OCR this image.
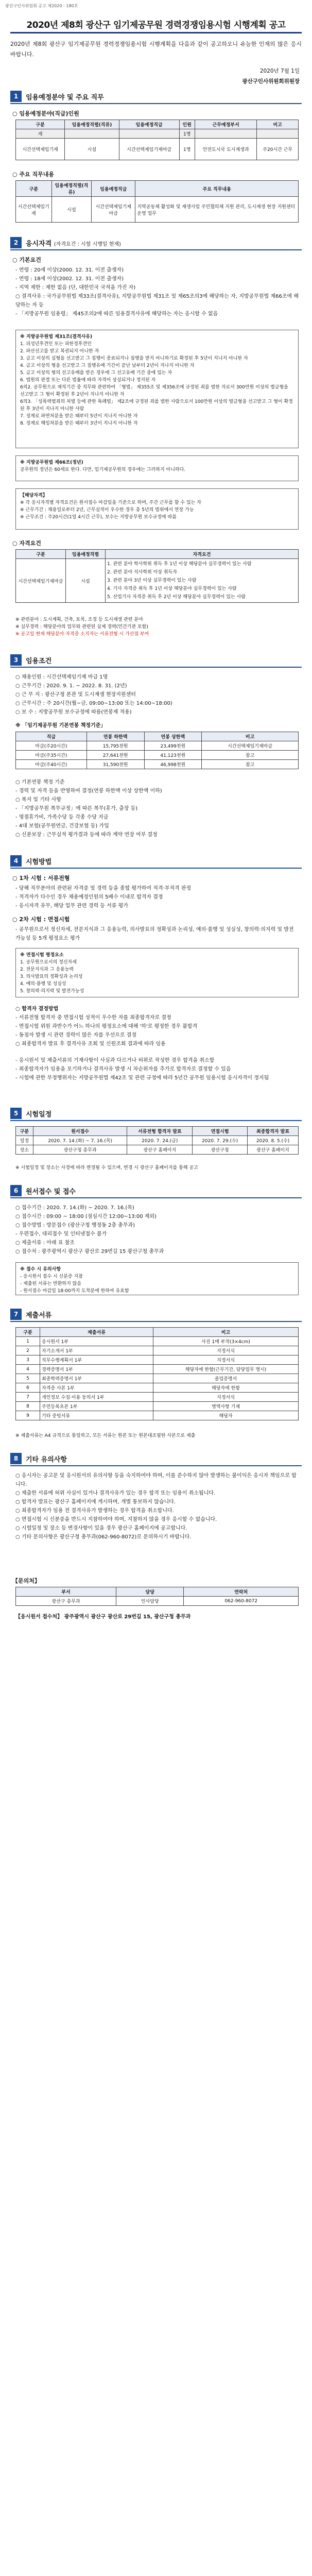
광산구인사위원회 공고 제2020 - 180호
2020년 제8회 광산구 임기제공무원 경력경쟁임용시험 시행계획 공고
2020년 제8회 광산구 임기제공무원 경력경쟁임용시험 시행계획을 다음과 같이 공고하오니 유능한 인재의 많은 응시 바랍니다.
2020년 7월 1일
광산구인사위원회위원장
1	임용예정분야 및 주요 직무
○ 임용예정분야(직급)인원
구분	임용예정직렬(직류)	임용예정직급	인원	근무예정부서	비고
계			1명		
시간선택제임기제	시설	시간선택제임기제마급	1명	안전도시국 도시재생과	주20시간 근무
○ 주요 직무내용
구분	임용예정직렬(직류)	임용예정직급	주요 직무내용
시간선택제임기제	시설	시간선택제임기제마급	지역공동체 활성화 및 재생사업 주민협의체 지원 관리, 도시재생 현장 지원센터 운영 업무
2	응시자격 (자격요건 : 시험 시행일 현재)
○ 기본요건
- 연령 : 20세 이상(2000. 12. 31. 이전 출생자)
- 연령 : 18세 이상(2002. 12. 31. 이전 출생자)
- 지역 제한 : 제한 없음 (단, 대한민국 국적을 가진 자)
○ 결격사유 : 국가공무원법 제33조(결격사유), 지방공무원법 제31조 및 제65조의3에 해당하는 자, 지방공무원법 제66조에 해당하는 자 등
- 「지방공무원 임용령」 제45조의2에 따른 임용결격사유에 해당하는 자는 응시할 수 없음
※ 지방공무원법 제31조(결격사유)
1. 피성년후견인 또는 피한정후견인
2. 파산선고를 받고 복권되지 아니한 자
3. 금고 이상의 실형을 선고받고 그 집행이 종료되거나 집행을 받지 아니하기로 확정된 후 5년이 지나지 아니한 자
4. 금고 이상의 형을 선고받고 그 집행유예 기간이 끝난 날부터 2년이 지나지 아니한 자
5. 금고 이상의 형의 선고유예를 받은 경우에 그 선고유예 기간 중에 있는 자
6. 법원의 판결 또는 다른 법률에 따라 자격이 상실되거나 정지된 자
6의2. 공무원으로 재직기간 중 직무와 관련하여 「형법」 제355조 및 제356조에 규정된 죄를 범한 자로서 300만원 이상의 벌금형을 선고받고 그 형이 확정된 후 2년이 지나지 아니한 자
6의3. 「성폭력범죄의 처벌 등에 관한 특례법」 제2조에 규정된 죄를 범한 사람으로서 100만원 이상의 벌금형을 선고받고 그 형이 확정된 후 3년이 지나지 아니한 사람
7. 징계로 파면처분을 받은 때부터 5년이 지나지 아니한 자
8. 징계로 해임처분을 받은 때부터 3년이 지나지 아니한 자
※ 지방공무원법 제66조(정년)
공무원의 정년은 60세로 한다. 다만, 임기제공무원의 경우에는 그러하지 아니하다.
【해당자격】
※ 각 응시자격별 자격요건은 원서접수 마감일을 기준으로 하며, 주간 근무를 할 수 있는 자
※ 근무기간 : 채용일로부터 2년, 근무실적이 우수한 경우 총 5년의 범위에서 연장 가능
※ 근무조건 : 주20시간(1일 4시간 근무), 보수는 지방공무원 보수규정에 따름
○ 자격요건
구분	임용예정직렬	자격요건
시간선택제임기제마급	시설	1. 관련 분야 학사학위 취득 후 1년 이상 해당분야 실무경력이 있는 사람
2. 관련 분야 석사학위 이상 취득자
3. 관련 분야 3년 이상 실무경력이 있는 사람
4. 기사 자격증 취득 후 1년 이상 해당분야 실무경력이 있는 사람
5. 산업기사 자격증 취득 후 2년 이상 해당분야 실무경력이 있는 사람
※ 관련분야 : 도시계획, 건축, 토목, 조경 등 도시재생 관련 분야
※ 실무경력 : 해당분야의 업무와 관련된 실제 경력(민간기관 포함)
※ 공고일 현재 해당분야 자격증 소지자는 서류전형 시 가산점 부여
3	임용조건
○ 채용인원 : 시간선택제임기제 마급 1명
○ 근무기간 : 2020. 9. 1. ~ 2022. 8. 31. (2년)
○ 근 무 지 : 광산구청 본관 및 도시재생 현장지원센터
○ 근무시간 : 주 20시간(월~금, 09:00~13:00 또는 14:00~18:00)
○ 보 수 : 지방공무원 보수규정에 따름(연봉제 적용)
※ 「임기제공무원 기본연봉 책정기준」
직급	연봉 하한액	연봉 상한액	비고
마급(주20시간)	15,795천원	23,499천원	시간선택제임기제마급
마급(주35시간)	27,641천원	41,123천원	참고
마급(주40시간)	31,590천원	46,998천원	참고
○ 기본연봉 책정 기준
- 경력 및 자격 등을 반영하여 결정(연봉 하한액 이상 상한액 이하)
○ 복지 및 기타 사항
- 「지방공무원 복무규정」에 따른 복무(휴가, 출장 등)
- 명절휴가비, 가족수당 등 각종 수당 지급
- 4대 보험(공무원연금, 건강보험 등) 가입
○ 신분보장 : 근무실적 평가결과 등에 따라 계약 연장 여부 결정
4	시험방법
○ 1차 시험 : 서류전형
- 당해 직무분야의 관련된 자격증 및 경력 등을 종합 평가하여 적격·부적격 판정
- 적격자가 다수인 경우 채용예정인원의 5배수 이내로 합격자 결정
- 응시자격 유무, 해당 업무 관련 경력 등 서류 평가
○ 2차 시험 : 면접시험
- 공무원으로서 정신자세, 전문지식과 그 응용능력, 의사발표의 정확성과 논리성, 예의·품행 및 성실성, 창의력·의지력 및 발전가능성 등 5개 평정요소 평가
※ 면접시험 평정요소
1. 공무원으로서의 정신자세
2. 전문지식과 그 응용능력
3. 의사발표의 정확성과 논리성
4. 예의·품행 및 성실성
5. 창의력·의지력 및 발전가능성
○ 합격자 결정방법
- 서류전형 합격자 중 면접시험 성적이 우수한 자를 최종합격자로 결정
- 면접시험 위원 과반수가 어느 하나의 평정요소에 대해 '하'로 평정한 경우 불합격
- 동점자 발생 시 관련 경력이 많은 자를 우선으로 결정
○ 최종합격자 발표 후 결격사유 조회 및 신원조회 결과에 따라 임용
- 응시원서 및 제출서류의 기재사항이 사실과 다르거나 허위로 작성한 경우 합격을 취소함
- 최종합격자가 임용을 포기하거나 결격사유 발생 시 차순위자를 추가로 합격자로 결정할 수 있음
- 시험에 관한 부정행위자는 지방공무원법 제42조 및 관련 규정에 따라 5년간 공무원 임용시험 응시자격이 정지됨
5	시험일정
구분	원서접수	서류전형 합격자 발표	면접시험	최종합격자 발표
일정	2020. 7. 14.(화) ~ 7. 16.(목)	2020. 7. 24.(금)	2020. 7. 29.(수)	2020. 8. 5.(수)
장소	광산구청 총무과	광산구 홈페이지	광산구청	광산구 홈페이지
※ 시험일정 및 장소는 사정에 따라 변경될 수 있으며, 변경 시 광산구 홈페이지를 통해 공고
6	원서접수 및 접수
○ 접수기간 : 2020. 7. 14.(화) ~ 2020. 7. 16.(목)
○ 접수시간 : 09:00 ~ 18:00 (점심시간 12:00~13:00 제외)
○ 접수방법 : 방문접수 (광산구청 행정동 2층 총무과)
- 우편접수, 대리접수 및 인터넷접수 불가
○ 제출서류 : 아래 표 참조
○ 접수처 : 광주광역시 광산구 광산로 29번길 15 광산구청 총무과
※ 접수 시 유의사항
- 응시원서 접수 시 신분증 지참
- 제출된 서류는 반환하지 않음
- 원서접수 마감일 18:00까지 도착분에 한하여 유효함
7	제출서류
구분	제출서류	비고
1	응시원서 1부	사진 1매 부착(3×4cm)
2	자기소개서 1부	지정서식
3	직무수행계획서 1부	지정서식
4	경력증명서 1부	해당자에 한함(근무기간, 담당업무 명시)
5	최종학력증명서 1부	졸업증명서
6	자격증 사본 1부	해당자에 한함
7	개인정보 수집·이용 동의서 1부	지정서식
8	주민등록초본 1부	병역사항 기재
9	기타 증빙서류	해당자
※ 제출서류는 A4 규격으로 통일하고, 모든 서류는 원본 또는 원본대조필한 사본으로 제출
8	기타 유의사항
○ 응시자는 공고문 및 응시원서의 유의사항 등을 숙지하여야 하며, 이를 준수하지 않아 발생하는 불이익은 응시자 책임으로 합니다.
○ 제출한 서류에 허위 사실이 있거나 결격사유가 있는 경우 합격 또는 임용이 취소됩니다.
○ 합격자 발표는 광산구 홈페이지에 게시하며, 개별 통보하지 않습니다.
○ 최종합격자가 임용 전 결격사유가 발생하는 경우 합격을 취소합니다.
○ 면접시험 시 신분증을 반드시 지참하여야 하며, 지참하지 않을 경우 응시할 수 없습니다.
○ 시험일정 및 장소 등 변경사항이 있을 경우 광산구 홈페이지에 공고합니다.
○ 기타 문의사항은 광산구청 총무과(062-960-8072)로 문의하시기 바랍니다.
【문의처】
부서	담당	연락처
광산구 총무과	인사담당	062-960-8072
【응시원서 접수처】 광주광역시 광산구 광산로 29번길 15, 광산구청 총무과
